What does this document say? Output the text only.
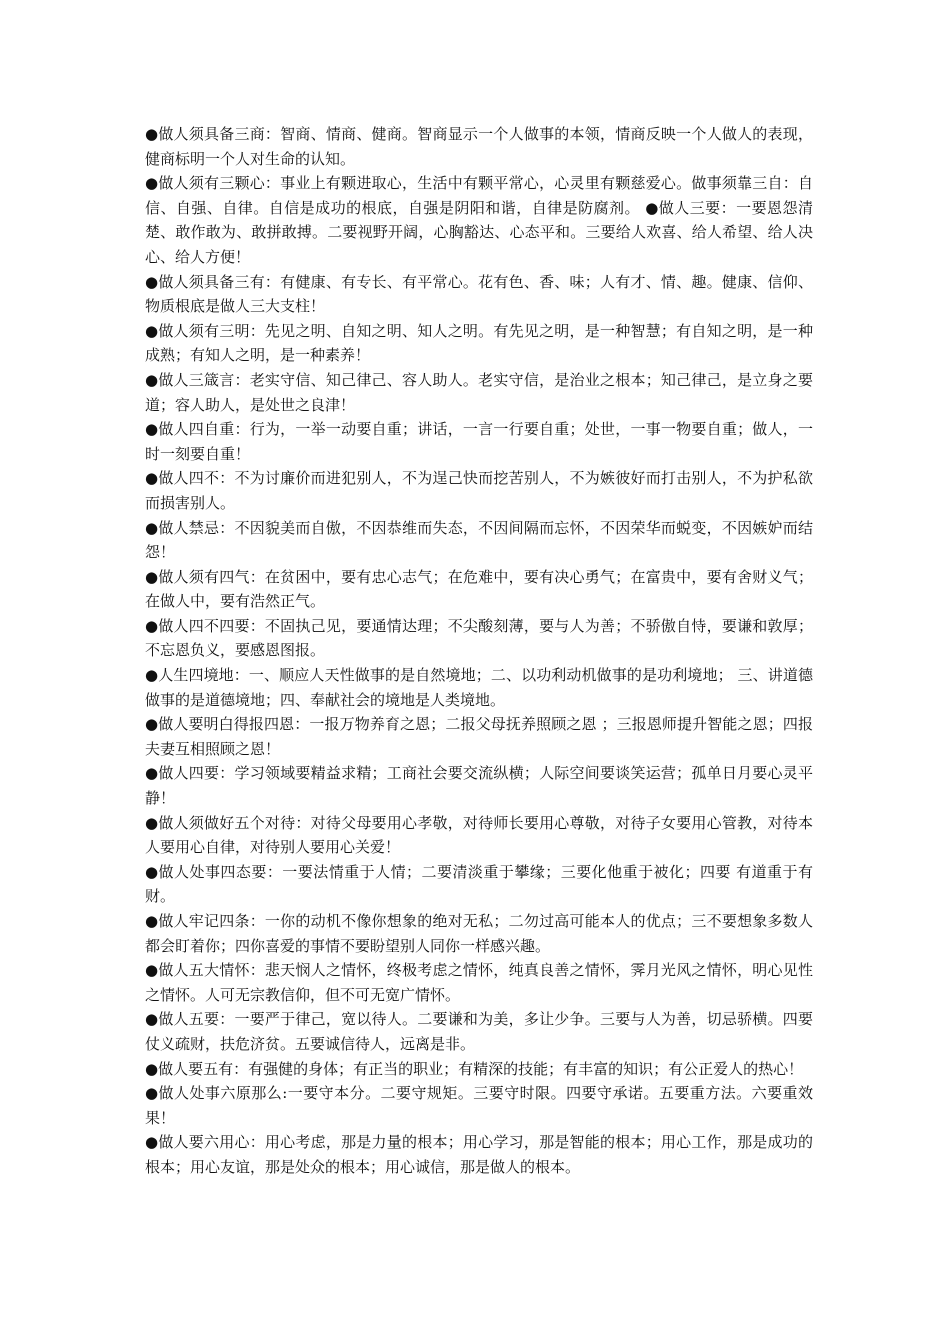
●做人须具备三商：智商、情商、健商。智商显示一个人做事的本领，情商反映一个人做人的表现，健商标明一个人对生命的认知。

●做人须有三颗心：事业上有颗进取心，生活中有颗平常心，心灵里有颗慈爱心。做事须靠三自：自信、自强、自律。自信是成功的根底，自强是阴阳和谐，自律是防腐剂。 ●做人三要：一要恩怨清楚、敢作敢为、敢拼敢搏。二要视野开阔，心胸豁达、心态平和。三要给人欢喜、给人希望、给人决心、给人方便！

●做人须具备三有：有健康、有专长、有平常心。花有色、香、味；人有才、情、趣。健康、信仰、物质根底是做人三大支柱！

●做人须有三明：先见之明、自知之明、知人之明。有先见之明，是一种智慧；有自知之明，是一种成熟；有知人之明，是一种素养！

●做人三箴言：老实守信、知己律己、容人助人。老实守信，是治业之根本；知己律己，是立身之要道；容人助人，是处世之良津！

●做人四自重：行为，一举一动要自重；讲话，一言一行要自重；处世，一事一物要自重；做人，一时一刻要自重！

●做人四不：不为讨廉价而进犯别人，不为逞己快而挖苦别人，不为嫉彼好而打击别人，不为护私欲而损害别人。

●做人禁忌：不因貌美而自傲，不因恭维而失态，不因间隔而忘怀，不因荣华而蜕变，不因嫉妒而结怨！

●做人须有四气：在贫困中，要有忠心志气；在危难中，要有决心勇气；在富贵中，要有舍财义气；在做人中，要有浩然正气。

●做人四不四要：不固执己见，要通情达理；不尖酸刻薄，要与人为善；不骄傲自恃，要谦和敦厚；不忘恩负义，要感恩图报。

●人生四境地：一、顺应人天性做事的是自然境地；二、以功利动机做事的是功利境地； 三、讲道德做事的是道德境地；四、奉献社会的境地是人类境地。

●做人要明白得报四恩：一报万物养育之恩；二报父母抚养照顾之恩 ；三报恩师提升智能之恩；四报夫妻互相照顾之恩！

●做人四要：学习领域要精益求精；工商社会要交流纵横；人际空间要谈笑运营；孤单日月要心灵平静！

●做人须做好五个对待：对待父母要用心孝敬，对待师长要用心尊敬，对待子女要用心管教，对待本人要用心自律，对待别人要用心关爱！

●做人处事四态要：一要法情重于人情；二要清淡重于攀缘；三要化他重于被化；四要 有道重于有财。

●做人牢记四条：一你的动机不像你想象的绝对无私；二勿过高可能本人的优点；三不要想象多数人都会盯着你；四你喜爱的事情不要盼望别人同你一样感兴趣。

●做人五大情怀：悲天悯人之情怀，终极考虑之情怀，纯真良善之情怀，霁月光风之情怀，明心见性之情怀。人可无宗教信仰，但不可无宽广情怀。

●做人五要：一要严于律己，宽以待人。二要谦和为美，多让少争。三要与人为善，切忌骄横。四要仗义疏财，扶危济贫。五要诚信待人，远离是非。

●做人要五有：有强健的身体；有正当的职业；有精深的技能；有丰富的知识；有公正爱人的热心！

●做人处事六原那么:一要守本分。二要守规矩。三要守时限。四要守承诺。五要重方法。六要重效果！

●做人要六用心：用心考虑，那是力量的根本；用心学习，那是智能的根本；用心工作，那是成功的根本；用心友谊，那是处众的根本；用心诚信，那是做人的根本。
